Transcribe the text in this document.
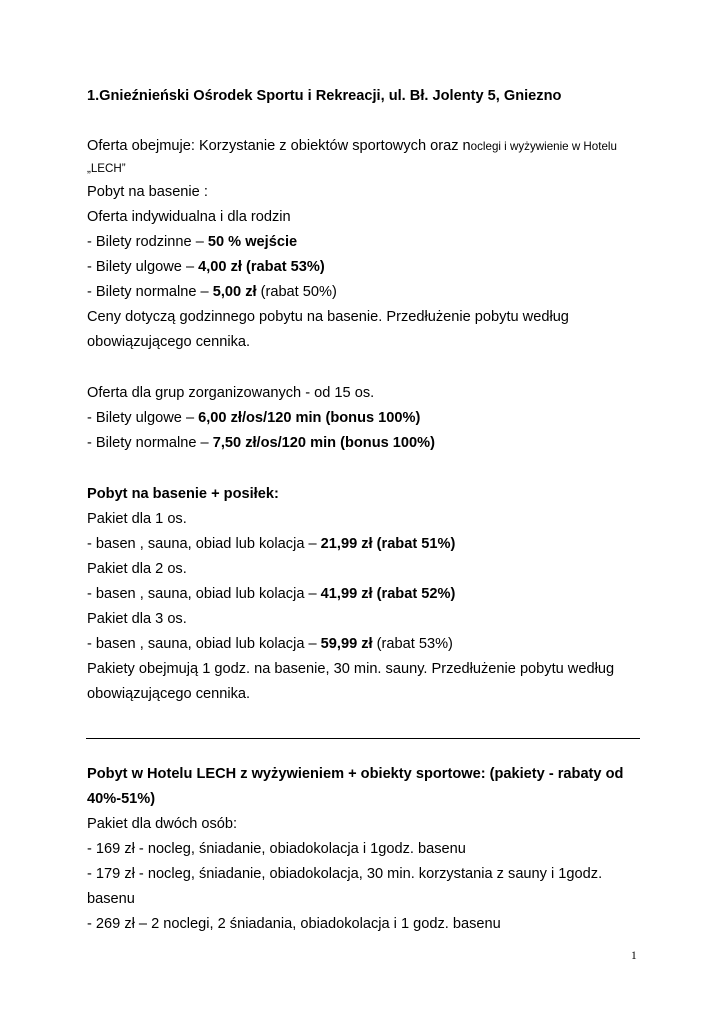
1.Gnieźnieński Ośrodek Sportu i Rekreacji, ul. Bł. Jolenty 5, Gniezno
Oferta obejmuje: Korzystanie z obiektów sportowych oraz noclegi i wyżywienie w Hotelu
„LECH”
Pobyt na basenie :
Oferta indywidualna i dla rodzin
- Bilety rodzinne – 50 % wejście
- Bilety ulgowe – 4,00 zł (rabat 53%)
- Bilety normalne – 5,00 zł (rabat 50%)
Ceny dotyczą godzinnego pobytu na basenie. Przedłużenie pobytu według
obowiązującego cennika.
Oferta dla grup zorganizowanych - od 15 os.
- Bilety ulgowe – 6,00 zł/os/120 min (bonus 100%)
- Bilety normalne – 7,50 zł/os/120 min (bonus 100%)
Pobyt na basenie + posiłek:
Pakiet dla 1 os.
- basen , sauna, obiad lub kolacja – 21,99 zł (rabat 51%)
Pakiet dla 2 os.
- basen , sauna, obiad lub kolacja – 41,99 zł (rabat 52%)
Pakiet dla 3 os.
- basen , sauna, obiad lub kolacja – 59,99 zł (rabat 53%)
Pakiety obejmują 1 godz. na basenie, 30 min. sauny. Przedłużenie pobytu według
obowiązującego cennika.
Pobyt w Hotelu LECH z wyżywieniem + obiekty sportowe: (pakiety - rabaty od
40%-51%)
Pakiet dla dwóch osób:
- 169 zł - nocleg, śniadanie, obiadokolacja i 1godz. basenu
- 179 zł - nocleg, śniadanie, obiadokolacja, 30 min. korzystania z sauny i 1godz.
basenu
- 269 zł – 2 noclegi, 2 śniadania, obiadokolacja i 1 godz. basenu
1
